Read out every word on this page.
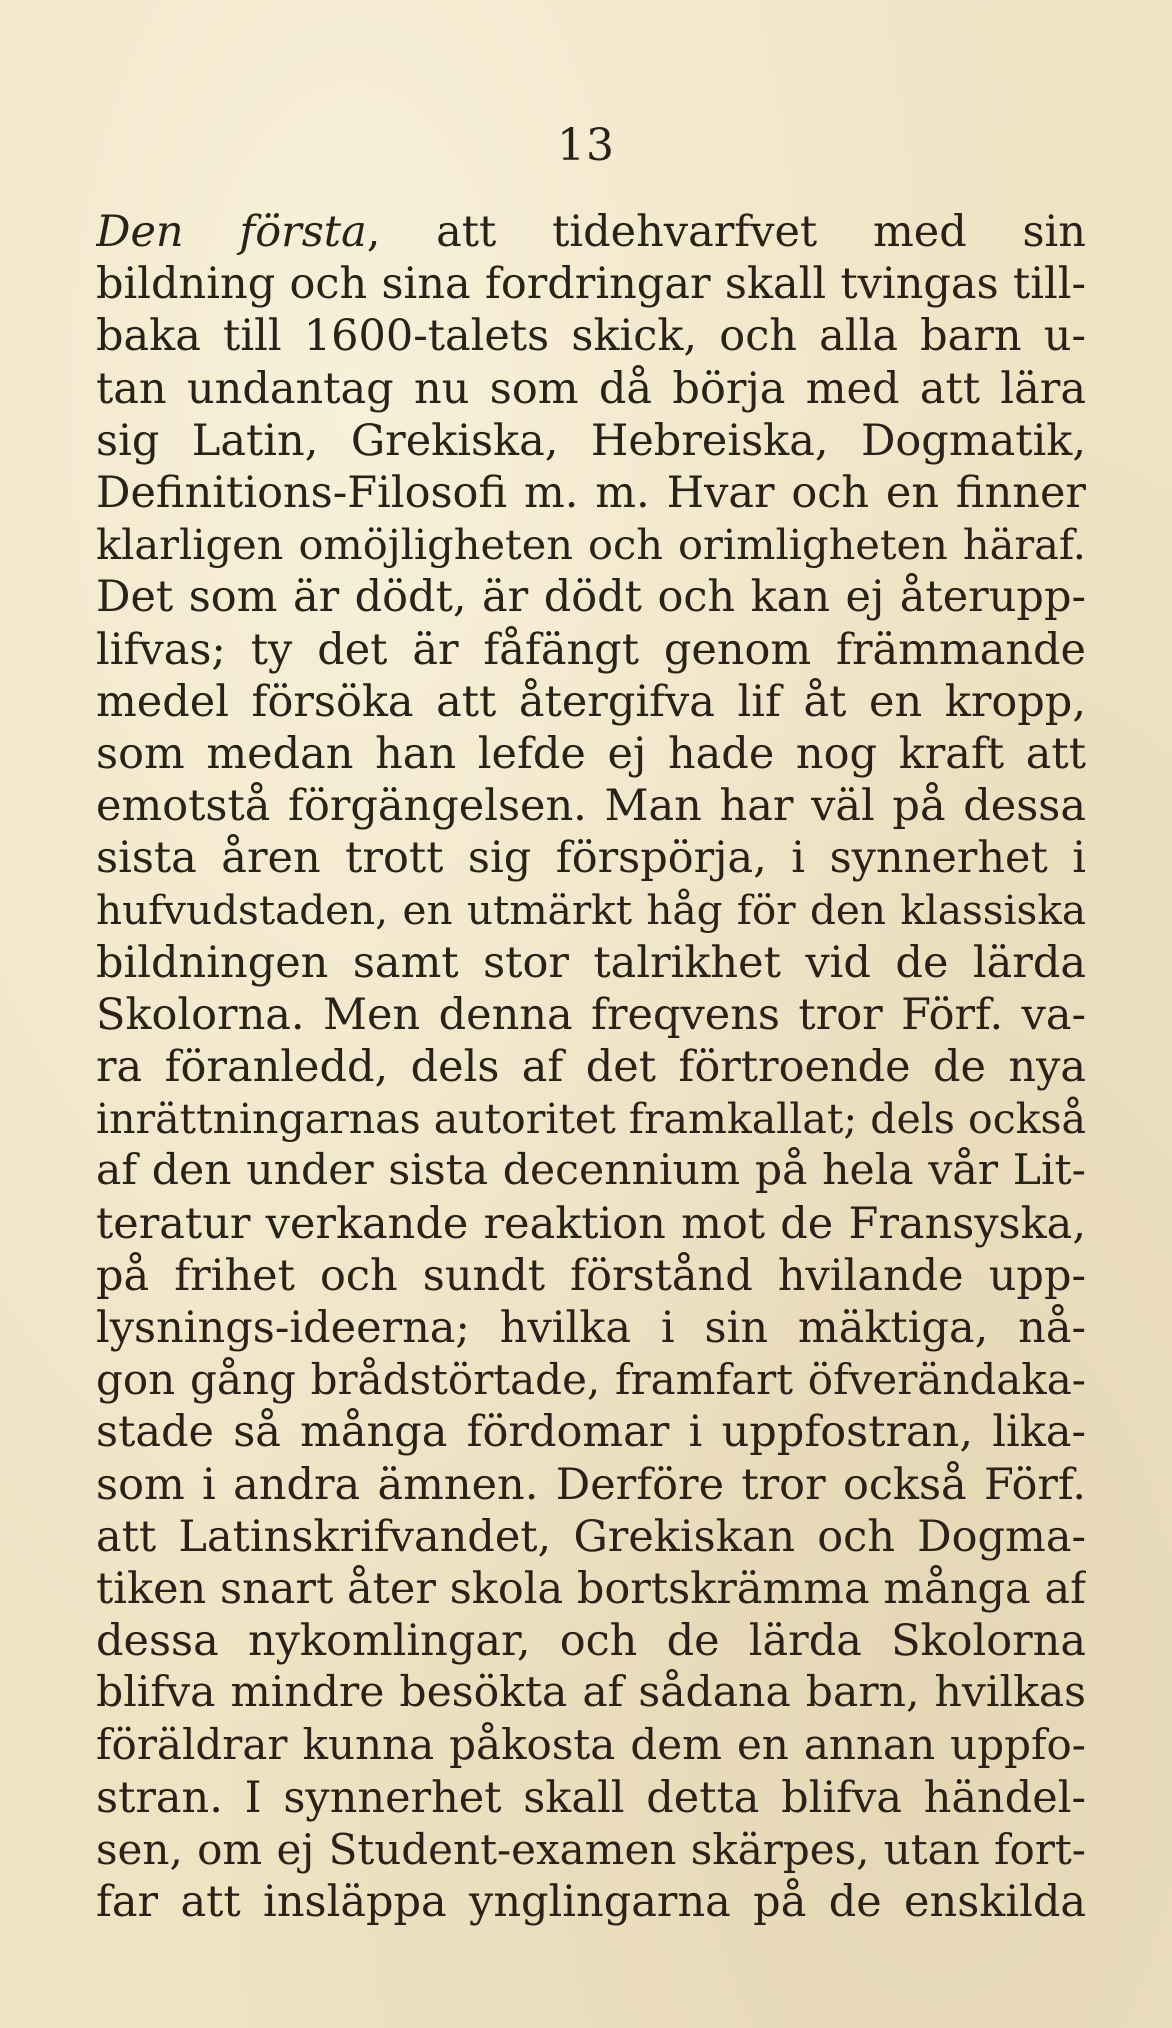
13
Den första, att tidehvarfvet med sin
bildning och sina fordringar skall tvingas till-
baka till 1600-talets skick, och alla barn u-
tan undantag nu som då börja med att lära
sig Latin, Grekiska, Hebreiska, Dogmatik,
Definitions-Filosofi m. m. Hvar och en finner
klarligen omöjligheten och orimligheten häraf.
Det som är dödt, är dödt och kan ej återupp-
lifvas; ty det är fåfängt genom främmande
medel försöka att återgifva lif åt en kropp,
som medan han lefde ej hade nog kraft att
emotstå förgängelsen. Man har väl på dessa
sista åren trott sig förspörja, i synnerhet i
hufvudstaden, en utmärkt håg för den klassiska
bildningen samt stor talrikhet vid de lärda
Skolorna. Men denna freqvens tror Förf. va-
ra föranledd, dels af det förtroende de nya
inrättningarnas autoritet framkallat; dels också
af den under sista decennium på hela vår Lit-
teratur verkande reaktion mot de Fransyska,
på frihet och sundt förstånd hvilande upp-
lysnings-ideerna; hvilka i sin mäktiga, nå-
gon gång brådstörtade, framfart öfverändaka-
stade så många fördomar i uppfostran, lika-
som i andra ämnen. Derföre tror också Förf.
att Latinskrifvandet, Grekiskan och Dogma-
tiken snart åter skola bortskrämma många af
dessa nykomlingar, och de lärda Skolorna
blifva mindre besökta af sådana barn, hvilkas
föräldrar kunna påkosta dem en annan uppfo-
stran. I synnerhet skall detta blifva händel-
sen, om ej Student-examen skärpes, utan fort-
far att insläppa ynglingarna på de enskilda
